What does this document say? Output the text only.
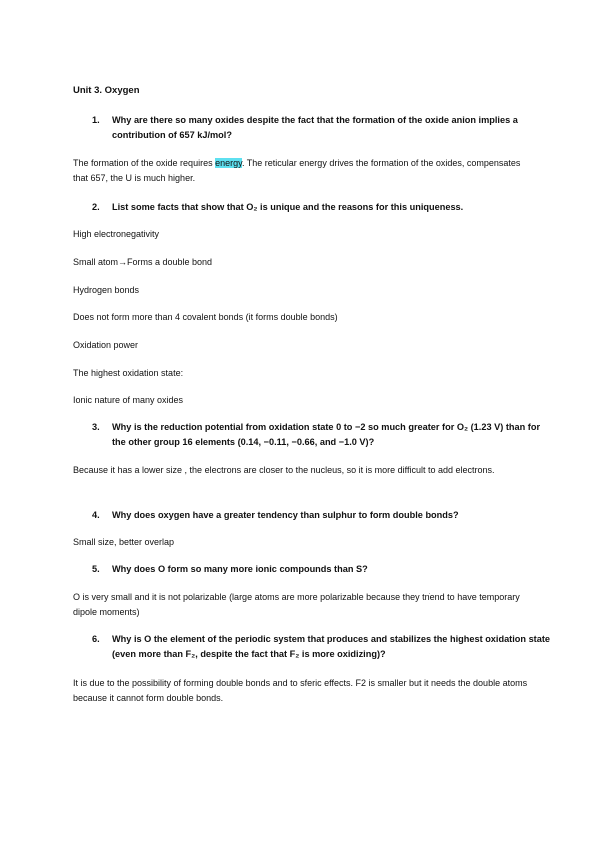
Unit 3. Oxygen
1.	Why are there so many oxides despite the fact that the formation of the oxide anion implies a contribution of 657 kJ/mol?
The formation of the oxide requires energy. The reticular energy drives the formation of the oxides, compensates that 657, the U is much higher.
2.	List some facts that show that O₂ is unique and the reasons for this uniqueness.
High electronegativity
Small atom→Forms a double bond
Hydrogen bonds
Does not form more than 4 covalent bonds (it forms double bonds)
Oxidation power
The highest oxidation state:
Ionic nature of many oxides
3.	Why is the reduction potential from oxidation state 0 to −2 so much greater for O₂ (1.23 V) than for the other group 16 elements (0.14, −0.11, −0.66, and −1.0 V)?
Because it has a lower size , the electrons are closer to the nucleus, so it is more difficult to add electrons.
4.	Why does oxygen have a greater tendency than sulphur to form double bonds?
Small size, better overlap
5.	Why does O form so many more ionic compounds than S?
O is very small and it is not polarizable (large atoms are more polarizable because they tnֹend to have temporary dipole moments)
6.	Why is O the element of the periodic system that produces and stabilizes the highest oxidation state (even more than F₂, despite the fact that F₂ is more oxidizing)?
It is due to the possibility of forming double bonds and to sferic effects. F2 is smaller but it needs the double atoms because it cannot form double bonds.
